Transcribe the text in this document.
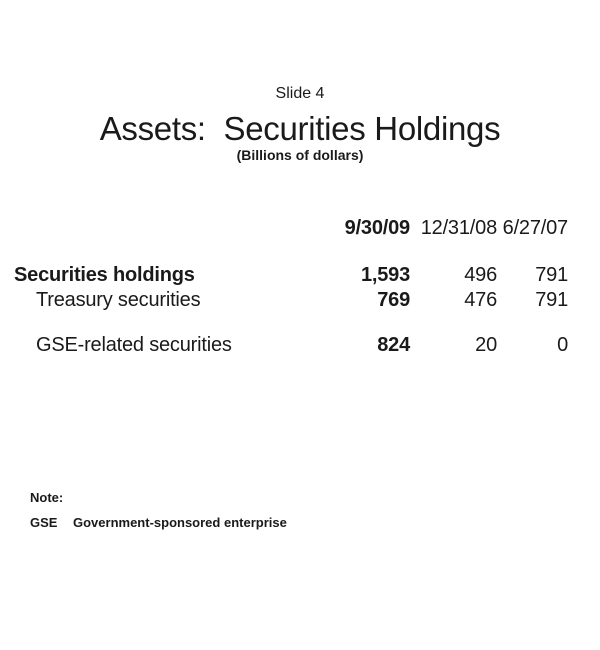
Slide 4
Assets:  Securities Holdings
(Billions of dollars)
9/30/09 12/31/08 6/27/07
Securities holdings	1,593	496	791
Treasury securities	769	476	791
GSE-related securities	824	20	0
Note:
GSE Government-sponsored enterprise
